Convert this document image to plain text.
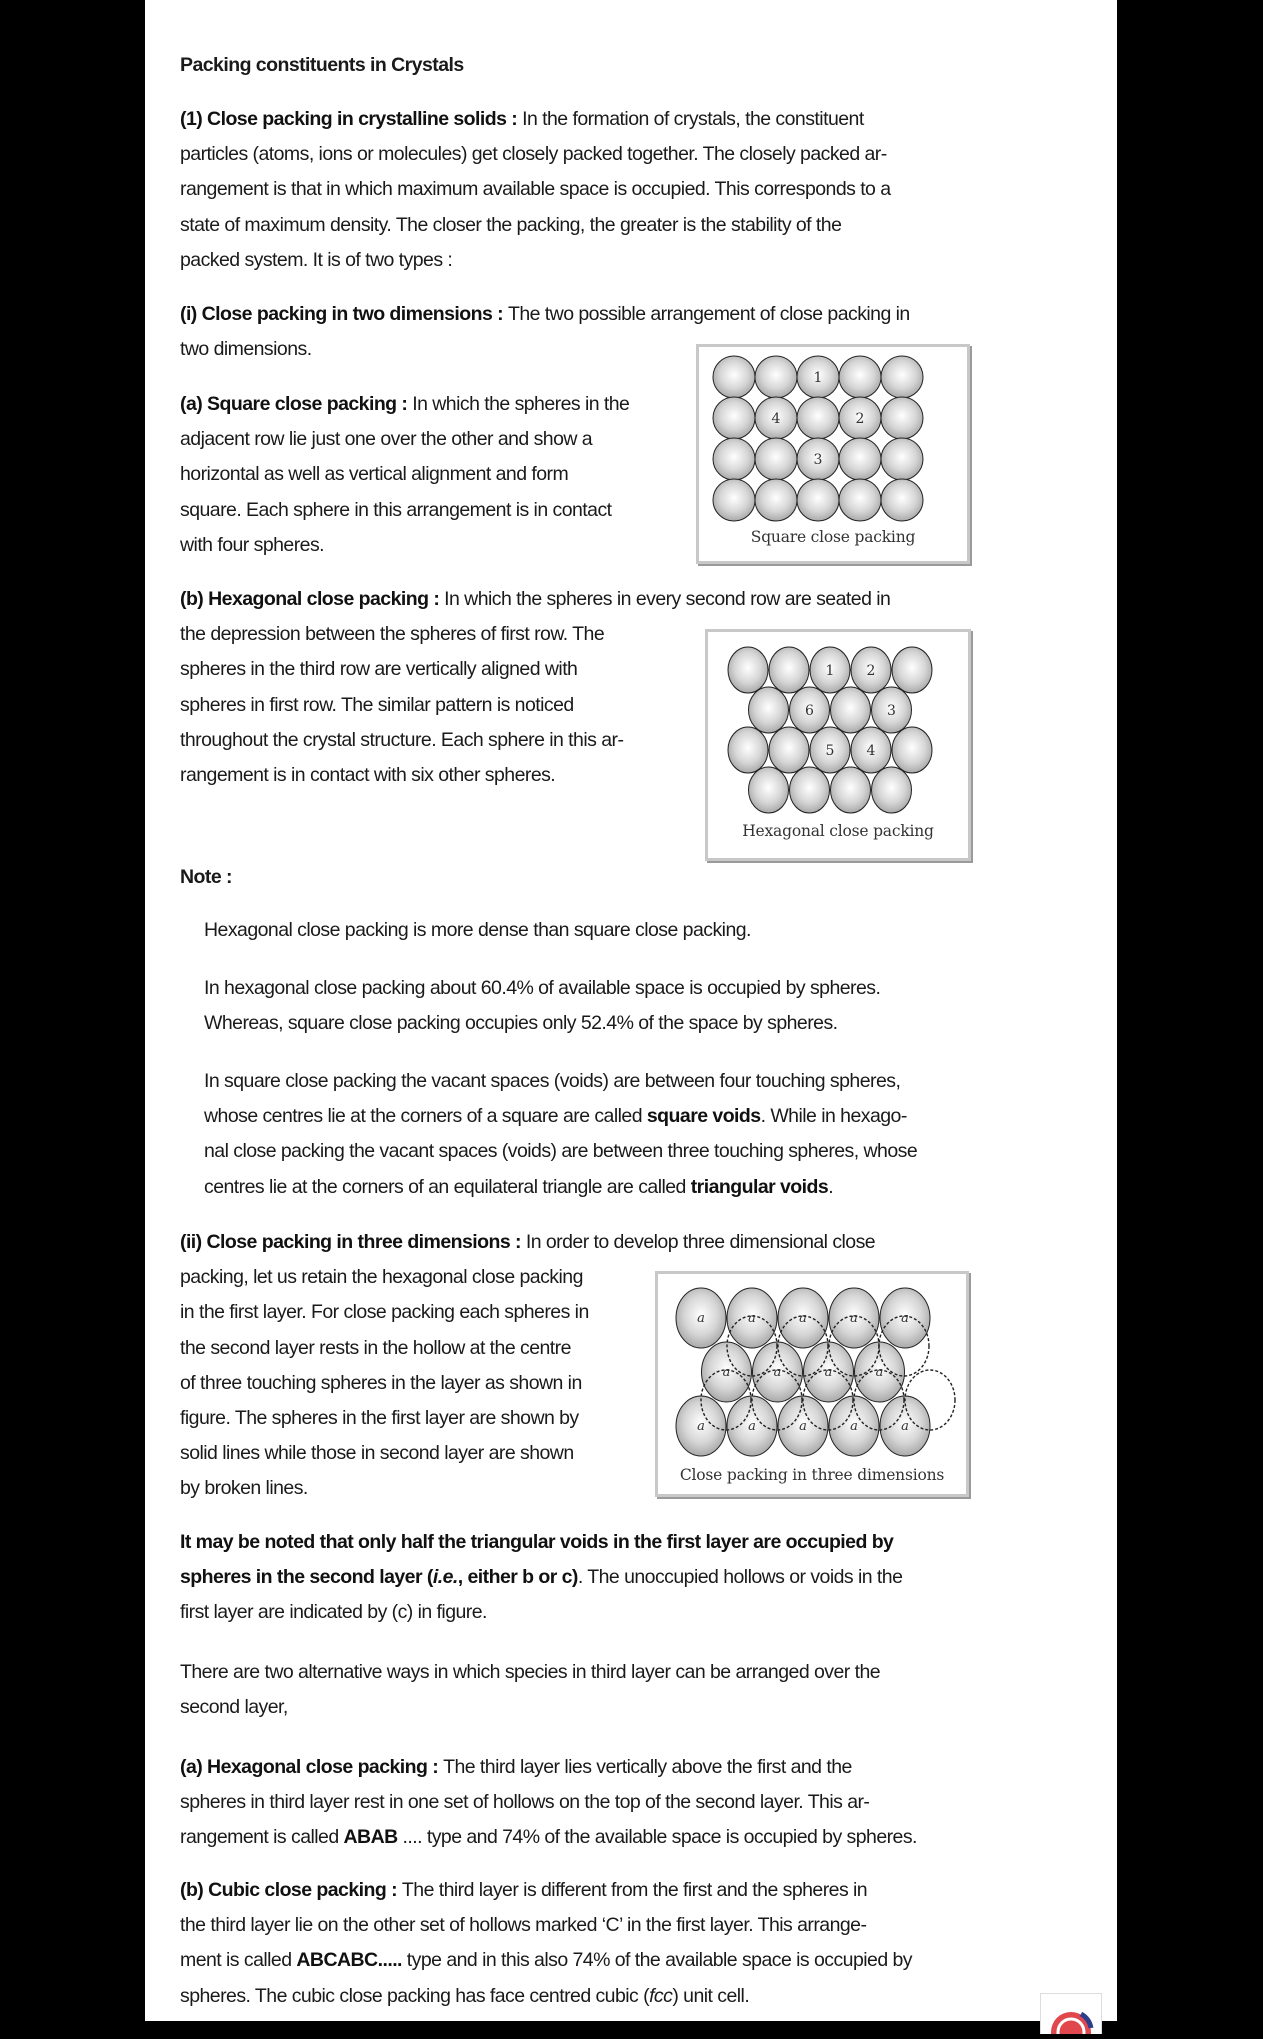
Packing constituents in Crystals
(1) Close packing in crystalline solids : In the formation of crystals, the constituent
particles (atoms, ions or molecules) get closely packed together. The closely packed ar-
rangement is that in which maximum available space is occupied. This corresponds to a
state of maximum density. The closer the packing, the greater is the stability of the
packed system. It is of two types :
(i) Close packing in two dimensions : The two possible arrangement of close packing in
two dimensions.
(a) Square close packing : In which the spheres in the
adjacent row lie just one over the other and show a
horizontal as well as vertical alignment and form
square. Each sphere in this arrangement is in contact
with four spheres.
(b) Hexagonal close packing : In which the spheres in every second row are seated in
the depression between the spheres of first row. The
spheres in the third row are vertically aligned with
spheres in first row. The similar pattern is noticed
throughout the crystal structure. Each sphere in this ar-
rangement is in contact with six other spheres.
Note :
Hexagonal close packing is more dense than square close packing.
In hexagonal close packing about 60.4% of available space is occupied by spheres.
Whereas, square close packing occupies only 52.4% of the space by spheres.
In square close packing the vacant spaces (voids) are between four touching spheres,
whose centres lie at the corners of a square are called square voids. While in hexago-
nal close packing the vacant spaces (voids) are between three touching spheres, whose
centres lie at the corners of an equilateral triangle are called triangular voids.
(ii) Close packing in three dimensions : In order to develop three dimensional close
packing, let us retain the hexagonal close packing
in the first layer. For close packing each spheres in
the second layer rests in the hollow at the centre
of three touching spheres in the layer as shown in
figure. The spheres in the first layer are shown by
solid lines while those in second layer are shown
by broken lines.
It may be noted that only half the triangular voids in the first layer are occupied by
spheres in the second layer (i.e., either b or c). The unoccupied hollows or voids in the
first layer are indicated by (c) in figure.
There are two alternative ways in which species in third layer can be arranged over the
second layer,
(a) Hexagonal close packing : The third layer lies vertically above the first and the
spheres in third layer rest in one set of hollows on the top of the second layer. This ar-
rangement is called ABAB .... type and 74% of the available space is occupied by spheres.
(b) Cubic close packing : The third layer is different from the first and the spheres in
the third layer lie on the other set of hollows marked ‘C’ in the first layer. This arrange-
ment is called ABCABC..... type and in this also 74% of the available space is occupied by
spheres. The cubic close packing has face centred cubic (fcc) unit cell.
1
4	2
3
Square close packing
1 2
6	3
5 4
Hexagonal close packing
a	a	a	a	a
a	a	a	a
a	a	a	a	a
Close packing in three dimensions
